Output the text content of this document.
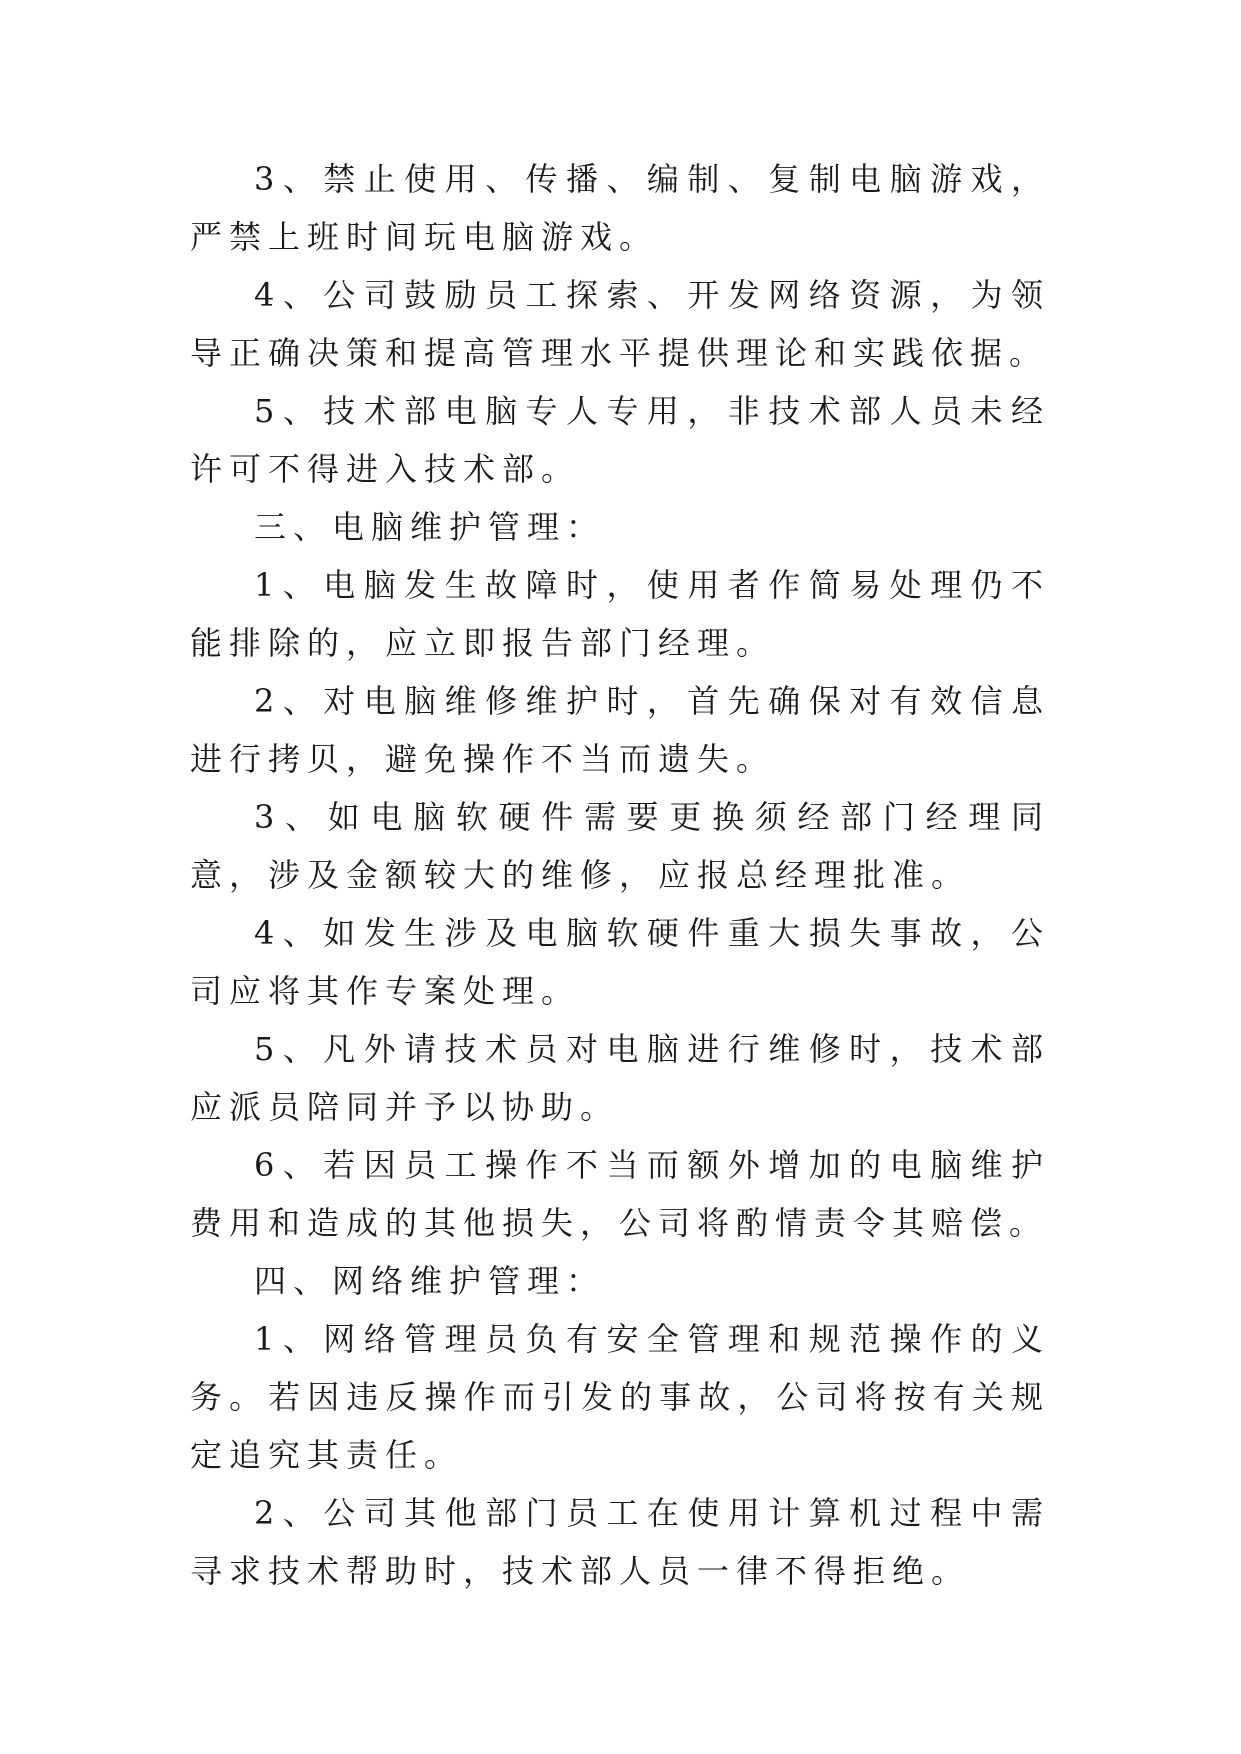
3、禁止使用、传播、编制、复制电脑游戏，严禁上班时间玩电脑游戏。

4、公司鼓励员工探索、开发网络资源，为领导正确决策和提高管理水平提供理论和实践依据。

5、技术部电脑专人专用，非技术部人员未经许可不得进入技术部。

三、电脑维护管理：

1、电脑发生故障时，使用者作简易处理仍不能排除的，应立即报告部门经理。

2、对电脑维修维护时，首先确保对有效信息进行拷贝，避免操作不当而遗失。

3、如电脑软硬件需要更换须经部门经理同意，涉及金额较大的维修，应报总经理批准。

4、如发生涉及电脑软硬件重大损失事故，公司应将其作专案处理。

5、凡外请技术员对电脑进行维修时，技术部应派员陪同并予以协助。

6、若因员工操作不当而额外增加的电脑维护费用和造成的其他损失，公司将酌情责令其赔偿。

四、网络维护管理：

1、网络管理员负有安全管理和规范操作的义务。若因违反操作而引发的事故，公司将按有关规定追究其责任。

2、公司其他部门员工在使用计算机过程中需寻求技术帮助时，技术部人员一律不得拒绝。
